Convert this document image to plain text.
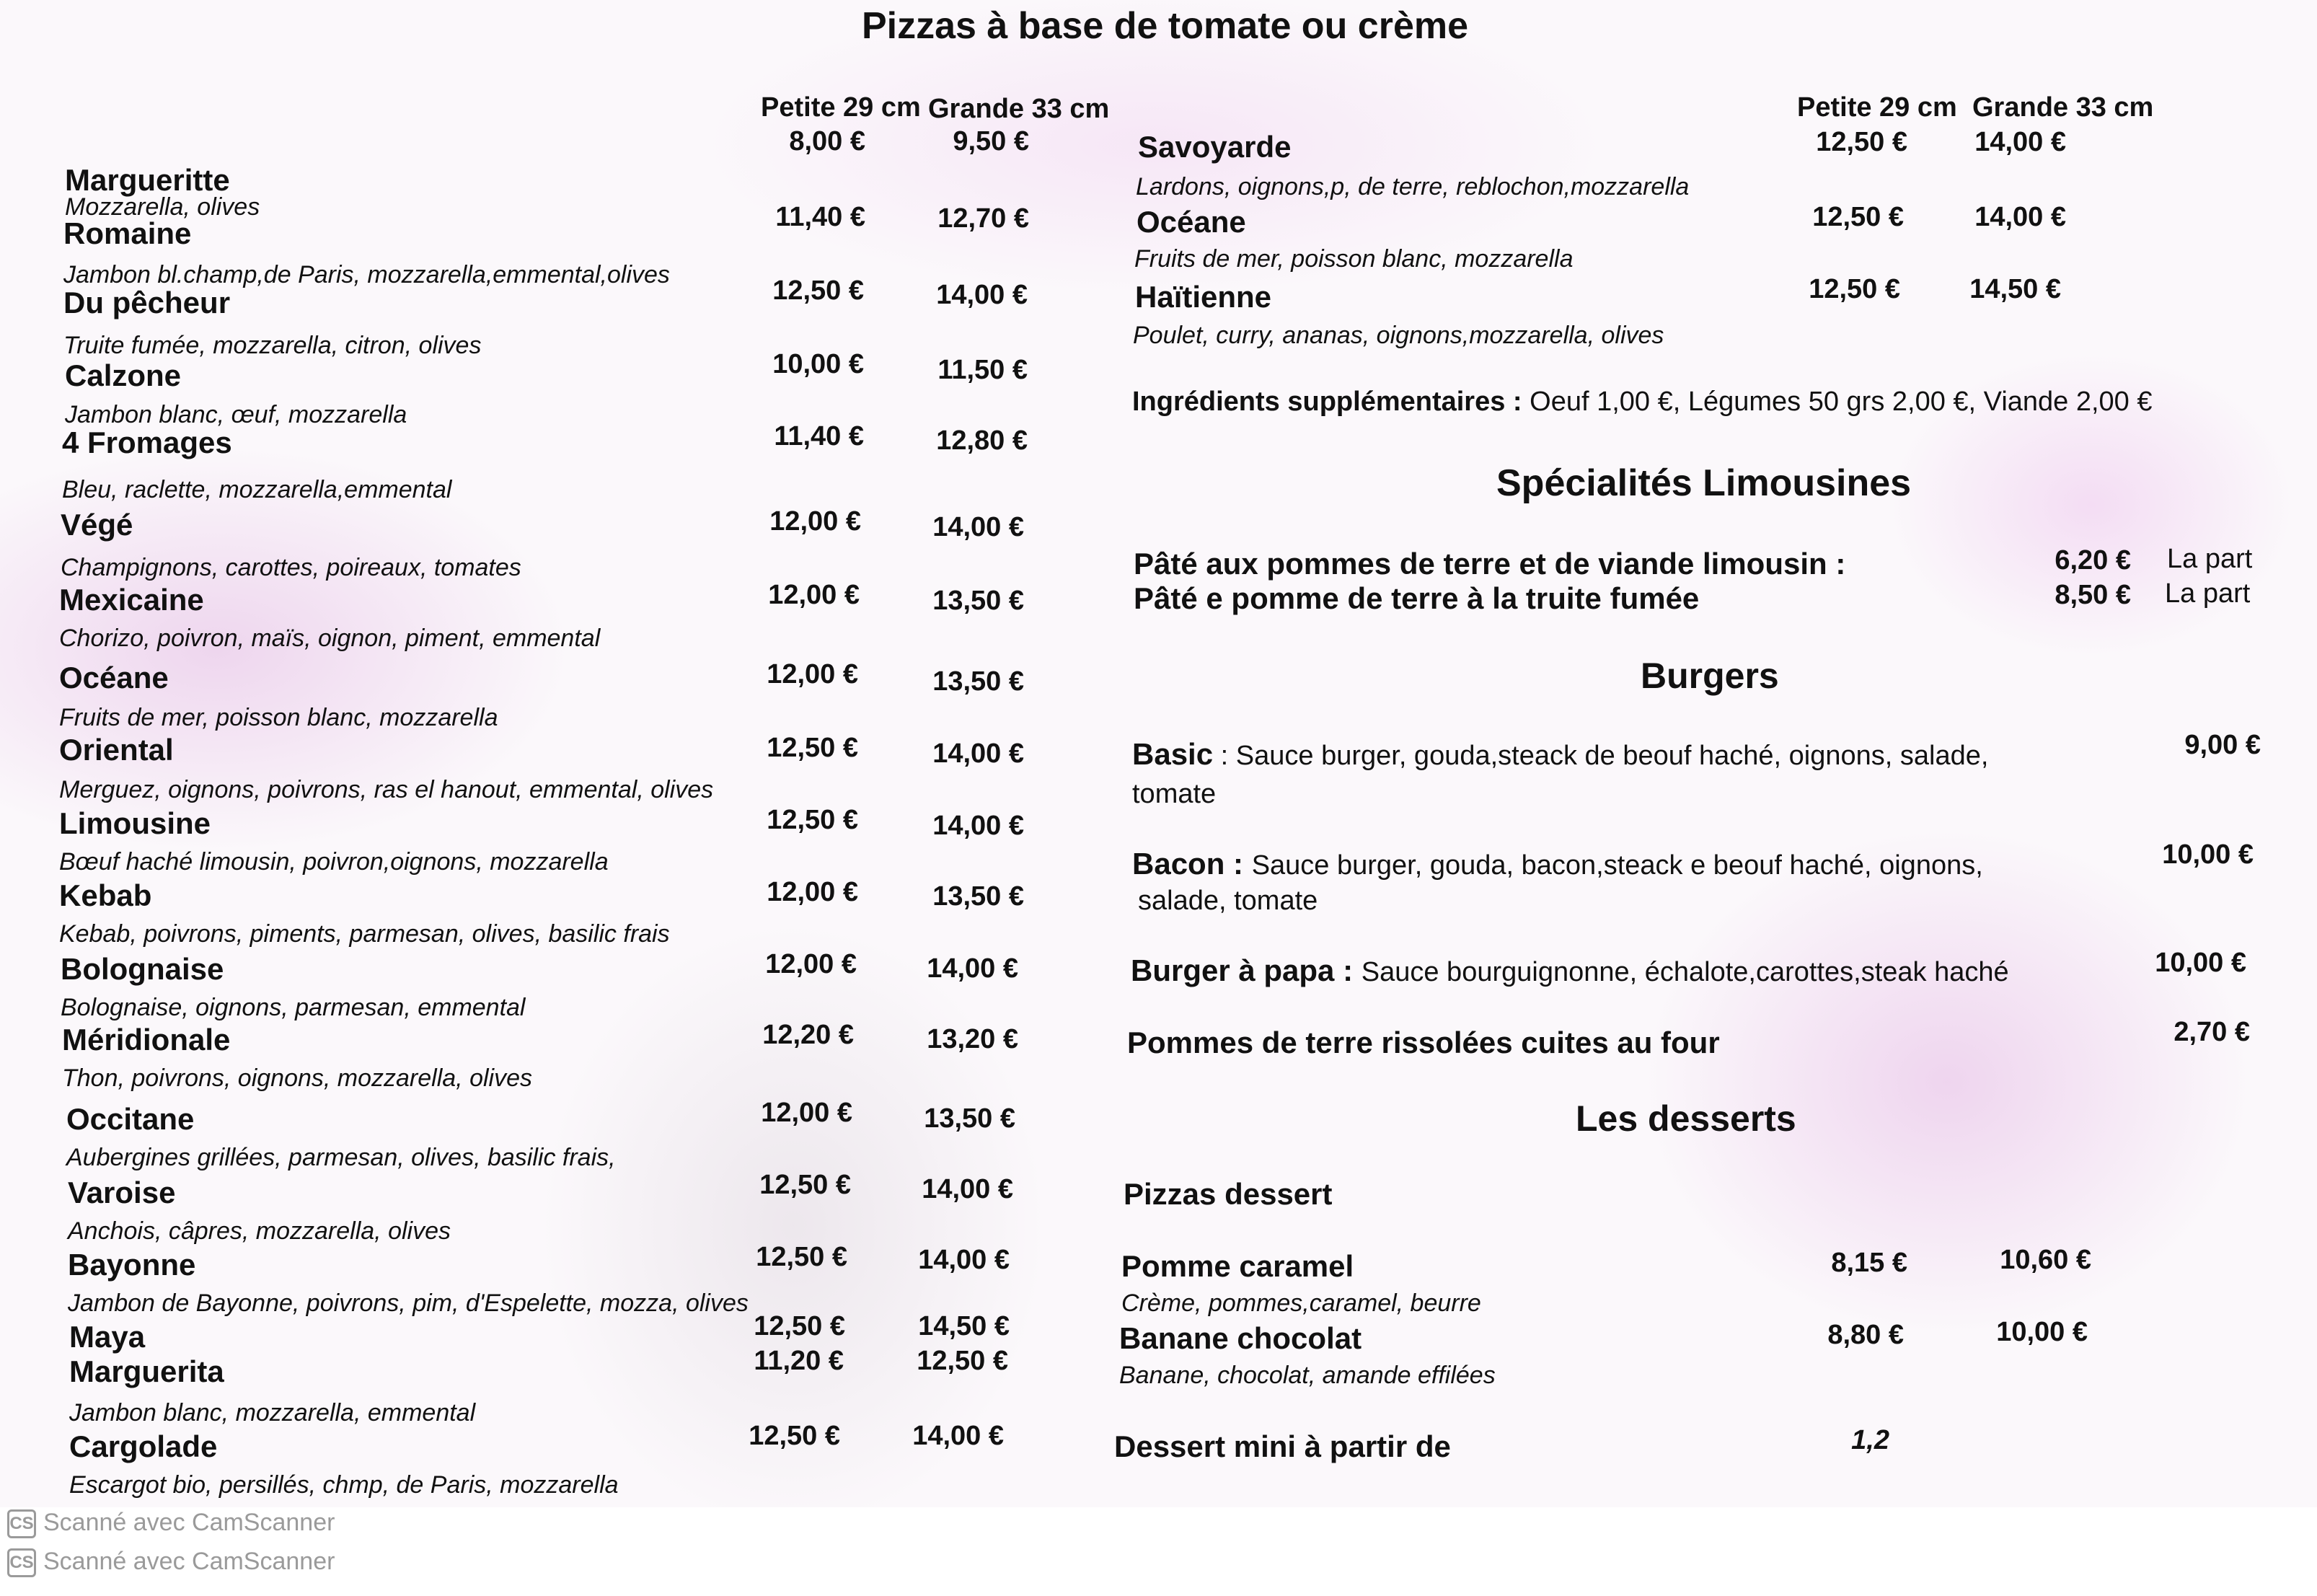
Pizzas à base de tomate ou crème
Petite 29 cm Grande 33 cm	Petite 29 cm Grande 33 cm
Ingrédients supplémentaires : Oeuf 1,00 €, Légumes 50 grs 2,00 €, Viande 2,00 €
Spécialités Limousines
Pâté aux pommes de terre et de viande limousin :	6,20 € La part
Pâté e pomme de terre à la truite fumée	8,50 € La part
Burgers
Basic : Sauce burger, gouda,steack de beouf haché, oignons, salade,
tomate
9,00 €
Bacon : Sauce burger, gouda, bacon,steack e beouf haché, oignons,
salade, tomate
10,00 €
Burger à papa : Sauce bourguignonne, échalote,carottes,steak haché	10,00 €
Pommes de terre rissolées cuites au four	2,70 €
Les desserts
Pizzas dessert
Pomme caramel
Crème, pommes,caramel, beurre
8,15 €	10,60 €
Banane chocolat
Banane, chocolat, amande effilées
8,80 €	10,00 €
Dessert mini à partir de	1,2
Margueritte
Mozzarella, olives
8,00 €	9,50 €
Romaine
Jambon bl.champ,de Paris, mozzarella,emmental,olives
11,40 €	12,70 €
Du pêcheur
Truite fumée, mozzarella, citron, olives
12,50 €	14,00 €
Calzone
Jambon blanc, œuf, mozzarella
10,00 €	11,50 €
4 Fromages
Bleu, raclette, mozzarella,emmental
11,40 €	12,80 €
Végé
Champignons, carottes, poireaux, tomates
12,00 €	14,00 €
Mexicaine
Chorizo, poivron, maïs, oignon, piment, emmental
12,00 €	13,50 €
Océane
Fruits de mer, poisson blanc, mozzarella
12,00 €	13,50 €
Oriental
Merguez, oignons, poivrons, ras el hanout, emmental, olives
12,50 €	14,00 €
Limousine
Bœuf haché limousin, poivron,oignons, mozzarella
12,50 €	14,00 €
Kebab
Kebab, poivrons, piments, parmesan, olives, basilic frais
12,00 €	13,50 €
Bolognaise
Bolognaise, oignons, parmesan, emmental
12,00 €	14,00 €
Méridionale
Thon, poivrons, oignons, mozzarella, olives
12,20 €	13,20 €
Occitane
Aubergines grillées, parmesan, olives, basilic frais,
12,00 €	13,50 €
Varoise
Anchois, câpres, mozzarella, olives
12,50 €	14,00 €
Bayonne
Jambon de Bayonne, poivrons, pim, d'Espelette, mozza, olives
12,50 €	14,00 €
Maya	12,50 €	14,50 €
Marguerita
Jambon blanc, mozzarella, emmental
11,20 €	12,50 €
Cargolade
Escargot bio, persillés, chmp, de Paris, mozzarella
12,50 €	14,00 €
Savoyarde
Lardons, oignons,p, de terre, reblochon,mozzarella
12,50 €	14,00 €
Océane
Fruits de mer, poisson blanc, mozzarella
12,50 €	14,00 €
Haïtienne
Poulet, curry, ananas, oignons,mozzarella, olives
12,50 €	14,50 €
CS Scanné avec CamScanner
CS Scanné avec CamScanner
